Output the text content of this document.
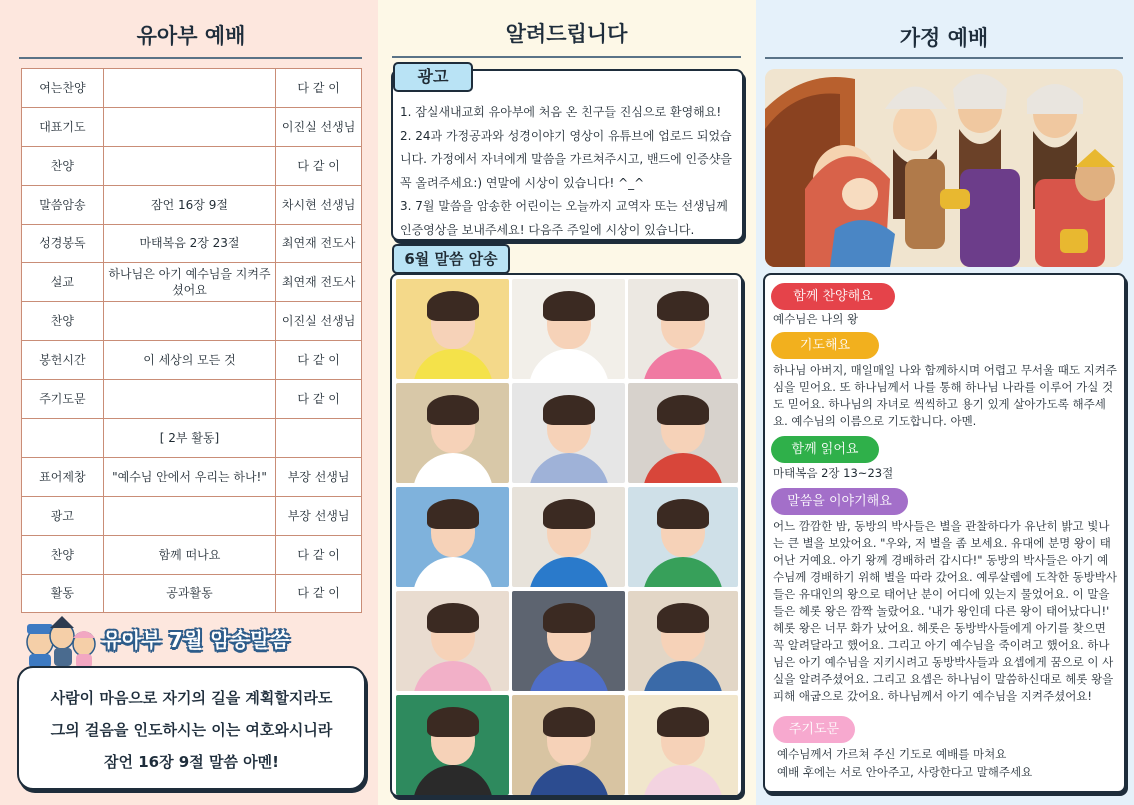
유아부 예배
여는찬양		다 같 이
대표기도		이진실 선생님
찬양		다 같 이
말씀암송	잠언 16장 9절	차시현 선생님
성경봉독	마태복음 2장 23절	최연재 전도사
설교	하나님은 아기 예수님을 지켜주셨어요	최연재 전도사
찬양		이진실 선생님
봉헌시간	이 세상의 모든 것	다 같 이
주기도문		다 같 이
	[ 2부 활동]	
표어제창	"예수님 안에서 우리는 하나!"	부장 선생님
광고		부장 선생님
찬양	함께 떠나요	다 같 이
활동	공과활동	다 같 이
유아부 7월 암송말씀
사람이 마음으로 자기의 길을 계획할지라도
그의 걸음을 인도하시는 이는 여호와시니라
잠언 16장 9절 말씀 아멘!
알려드립니다
광고

1. 잠실새내교회 유아부에 처음 온 친구들 진심으로 환영해요!

2. 24과 가정공과와 성경이야기 영상이 유튜브에 업로드 되었습니다. 가정에서 자녀에게 말씀을 가르쳐주시고, 밴드에 인증샷을 꼭 올려주세요:) 연말에 시상이 있습니다! ^_^

3. 7월 말씀을 암송한 어린이는 오늘까지 교역자 또는 선생님께 인증영상을 보내주세요! 다음주 주일에 시상이 있습니다.

6월 말씀 암송
가정 예배
함께 찬양해요
예수님은 나의 왕
기도해요
하나님 아버지, 매일매일 나와 함께하시며 어렵고 무서울 때도 지켜주심을 믿어요. 또 하나님께서 나를 통해 하나님 나라를 이루어 가실 것도 믿어요. 하나님의 자녀로 씩씩하고 용기 있게 살아가도록 해주세요. 예수님의 이름으로 기도합니다. 아멘.
함께 읽어요
마태복음 2장 13~23절
말씀을 이야기해요
어느 깜깜한 밤, 동방의 박사들은 별을 관찰하다가 유난히 밝고 빛나는 큰 별을 보았어요. "우와, 저 별을 좀 보세요. 유대에 분명 왕이 태어난 거예요. 아기 왕께 경배하러 갑시다!" 동방의 박사들은 아기 예수님께 경배하기 위해 별을 따라 갔어요. 예루살렘에 도착한 동방박사들은 유대인의 왕으로 태어난 분이 어디에 있는지 물었어요. 이 말을 들은 헤롯 왕은 깜짝 놀랐어요. '내가 왕인데 다른 왕이 태어났다니!' 헤롯 왕은 너무 화가 났어요. 헤롯은 동방박사들에게 아기를 찾으면 꼭 알려달라고 했어요. 그리고 아기 예수님을 죽이려고 했어요. 하나님은 아기 예수님을 지키시려고 동방박사들과 요셉에게 꿈으로 이 사실을 알려주셨어요. 그리고 요셉은 하나님이 말씀하신대로 헤롯 왕을 피해 애굽으로 갔어요. 하나님께서 아기 예수님을 지켜주셨어요!
주기도문
예수님께서 가르쳐 주신 기도로 예배를 마쳐요
예배 후에는 서로 안아주고, 사랑한다고 말해주세요
